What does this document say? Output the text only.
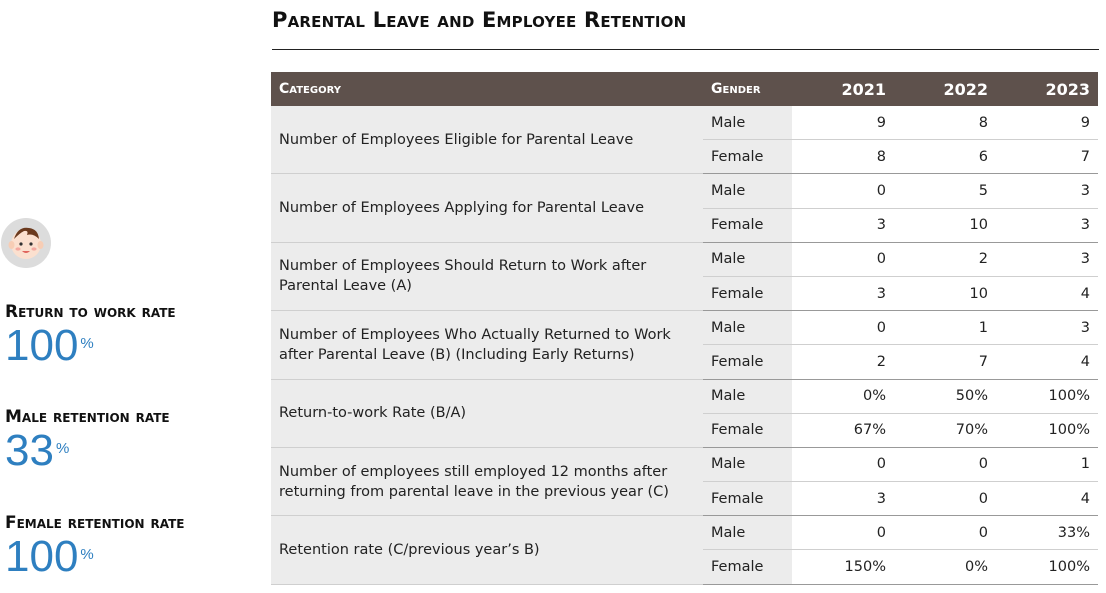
Parental Leave and Employee Retention
Return to work rate
100 %
Male retention rate
33 %
Female retention rate
100 %
Category	Gender	2021	2022	2023
Number of Employees Eligible for Parental Leave	Male	9	8	9
	Female	8	6	7
Number of Employees Applying for Parental Leave	Male	0	5	3
	Female	3	10	3
Number of Employees Should Return to Work after Parental Leave (A)	Male	0	2	3
	Female	3	10	4
Number of Employees Who Actually Returned to Work after Parental Leave (B) (Including Early Returns)	Male	0	1	3
	Female	2	7	4
Return-to-work Rate (B/A)	Male	0%	50%	100%
	Female	67%	70%	100%
Number of employees still employed 12 months after returning from parental leave in the previous year (C)	Male	0	0	1
	Female	3	0	4
Retention rate (C/previous year’s B)	Male	0	0	33%
	Female	150%	0%	100%
